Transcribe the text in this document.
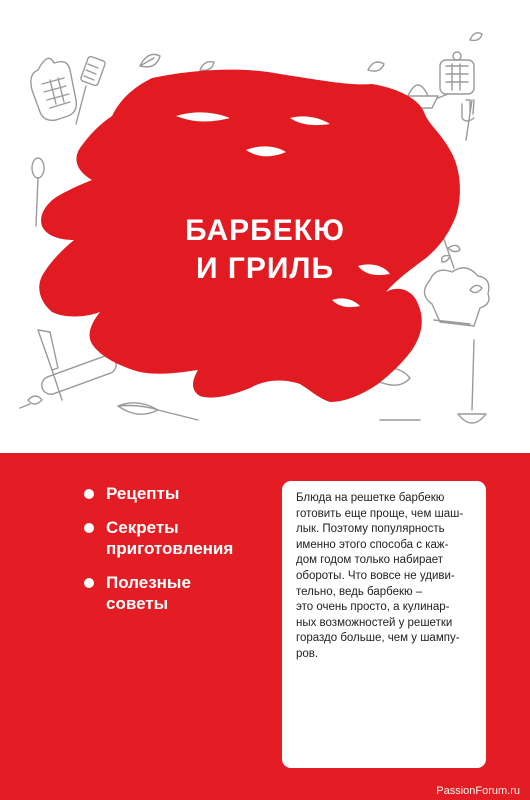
БАРБЕКЮ
И ГРИЛЬ
Рецепты
Секреты
приготовления
Полезные
советы
Блюда на решетке барбекю
готовить еще проще, чем шаш-
лык. Поэтому популярность
именно этого способа с каж-
дом годом только набирает
обороты. Что вовсе не удиви-
тельно, ведь барбекю –
это очень просто, а кулинар-
ных возможностей у решетки
гораздо больше, чем у шампу-
ров.
PassionForum.ru
